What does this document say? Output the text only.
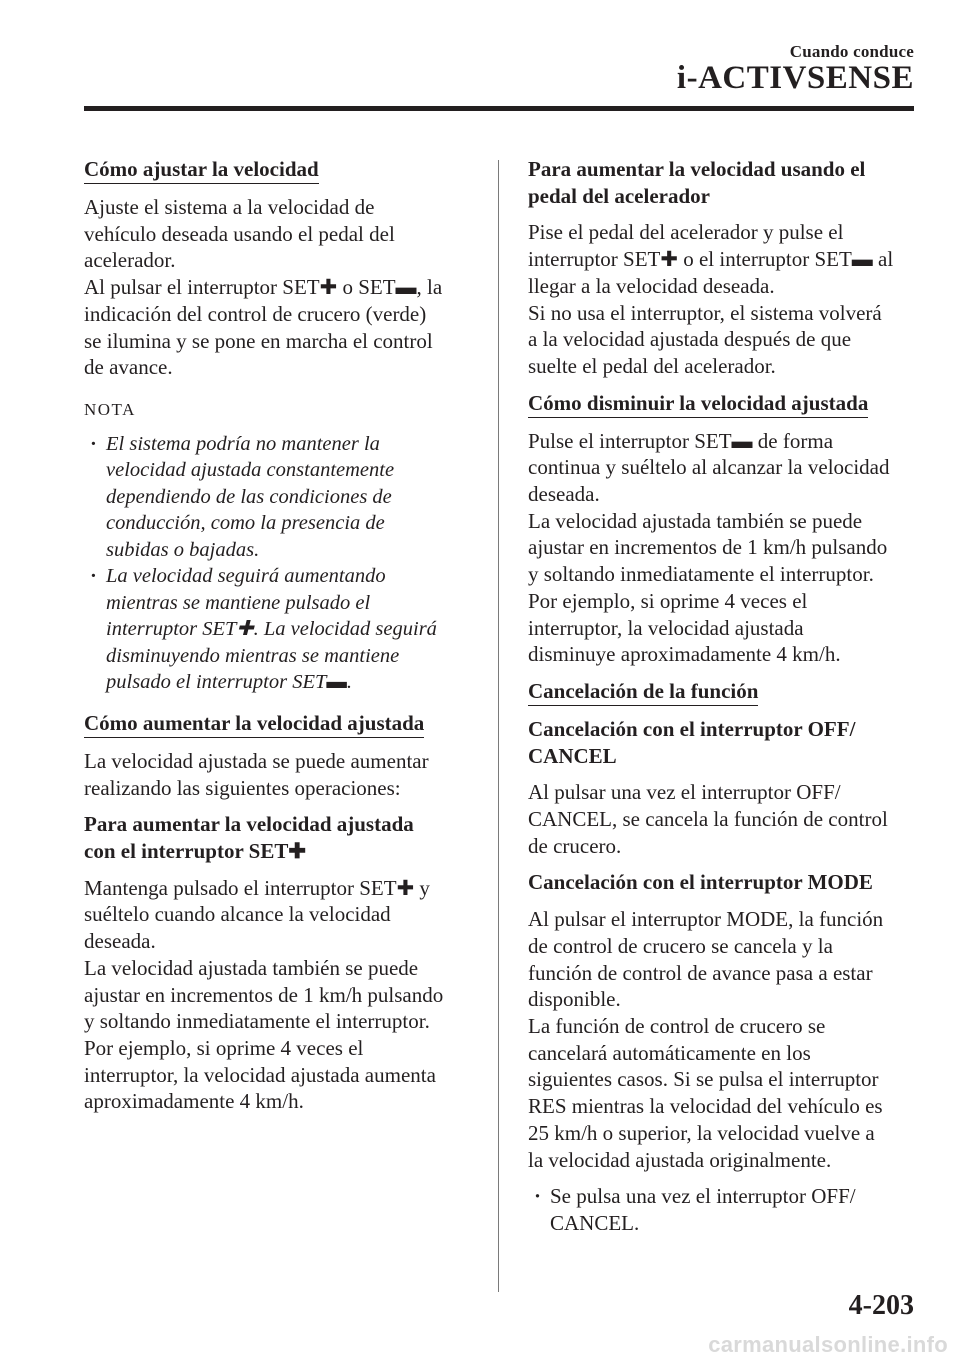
Cuando conduce
i-ACTIVSENSE
Cómo ajustar la velocidad

Ajuste el sistema a la velocidad de
vehículo deseada usando el pedal del
acelerador.
Al pulsar el interruptor SET✚ o SET▬, la
indicación del control de crucero (verde)
se ilumina y se pone en marcha el control
de avance.

NOTA

· El sistema podría no mantener la
velocidad ajustada constantemente
dependiendo de las condiciones de
conducción, como la presencia de
subidas o bajadas.
· La velocidad seguirá aumentando
mientras se mantiene pulsado el
interruptor SET✚. La velocidad seguirá
disminuyendo mientras se mantiene
pulsado el interruptor SET▬.
Cómo aumentar la velocidad ajustada

La velocidad ajustada se puede aumentar
realizando las siguientes operaciones:

Para aumentar la velocidad ajustada
con el interruptor SET✚

Mantenga pulsado el interruptor SET✚ y
suéltelo cuando alcance la velocidad
deseada.
La velocidad ajustada también se puede
ajustar en incrementos de 1 km/h pulsando
y soltando inmediatamente el interruptor.
Por ejemplo, si oprime 4 veces el
interruptor, la velocidad ajustada aumenta
aproximadamente 4 km/h.

Para aumentar la velocidad usando el
pedal del acelerador

Pise el pedal del acelerador y pulse el
interruptor SET✚ o el interruptor SET▬ al
llegar a la velocidad deseada.
Si no usa el interruptor, el sistema volverá
a la velocidad ajustada después de que
suelte el pedal del acelerador.

Cómo disminuir la velocidad ajustada

Pulse el interruptor SET▬ de forma
continua y suéltelo al alcanzar la velocidad
deseada.
La velocidad ajustada también se puede
ajustar en incrementos de 1 km/h pulsando
y soltando inmediatamente el interruptor.
Por ejemplo, si oprime 4 veces el
interruptor, la velocidad ajustada
disminuye aproximadamente 4 km/h.

Cancelación de la función

Cancelación con el interruptor OFF/
CANCEL

Al pulsar una vez el interruptor OFF/
CANCEL, se cancela la función de control
de crucero.

Cancelación con el interruptor MODE

Al pulsar el interruptor MODE, la función
de control de crucero se cancela y la
función de control de avance pasa a estar
disponible.
La función de control de crucero se
cancelará automáticamente en los
siguientes casos. Si se pulsa el interruptor
RES mientras la velocidad del vehículo es
25 km/h o superior, la velocidad vuelve a
la velocidad ajustada originalmente.

· Se pulsa una vez el interruptor OFF/
CANCEL.
4-203
carmanualsonline.info
